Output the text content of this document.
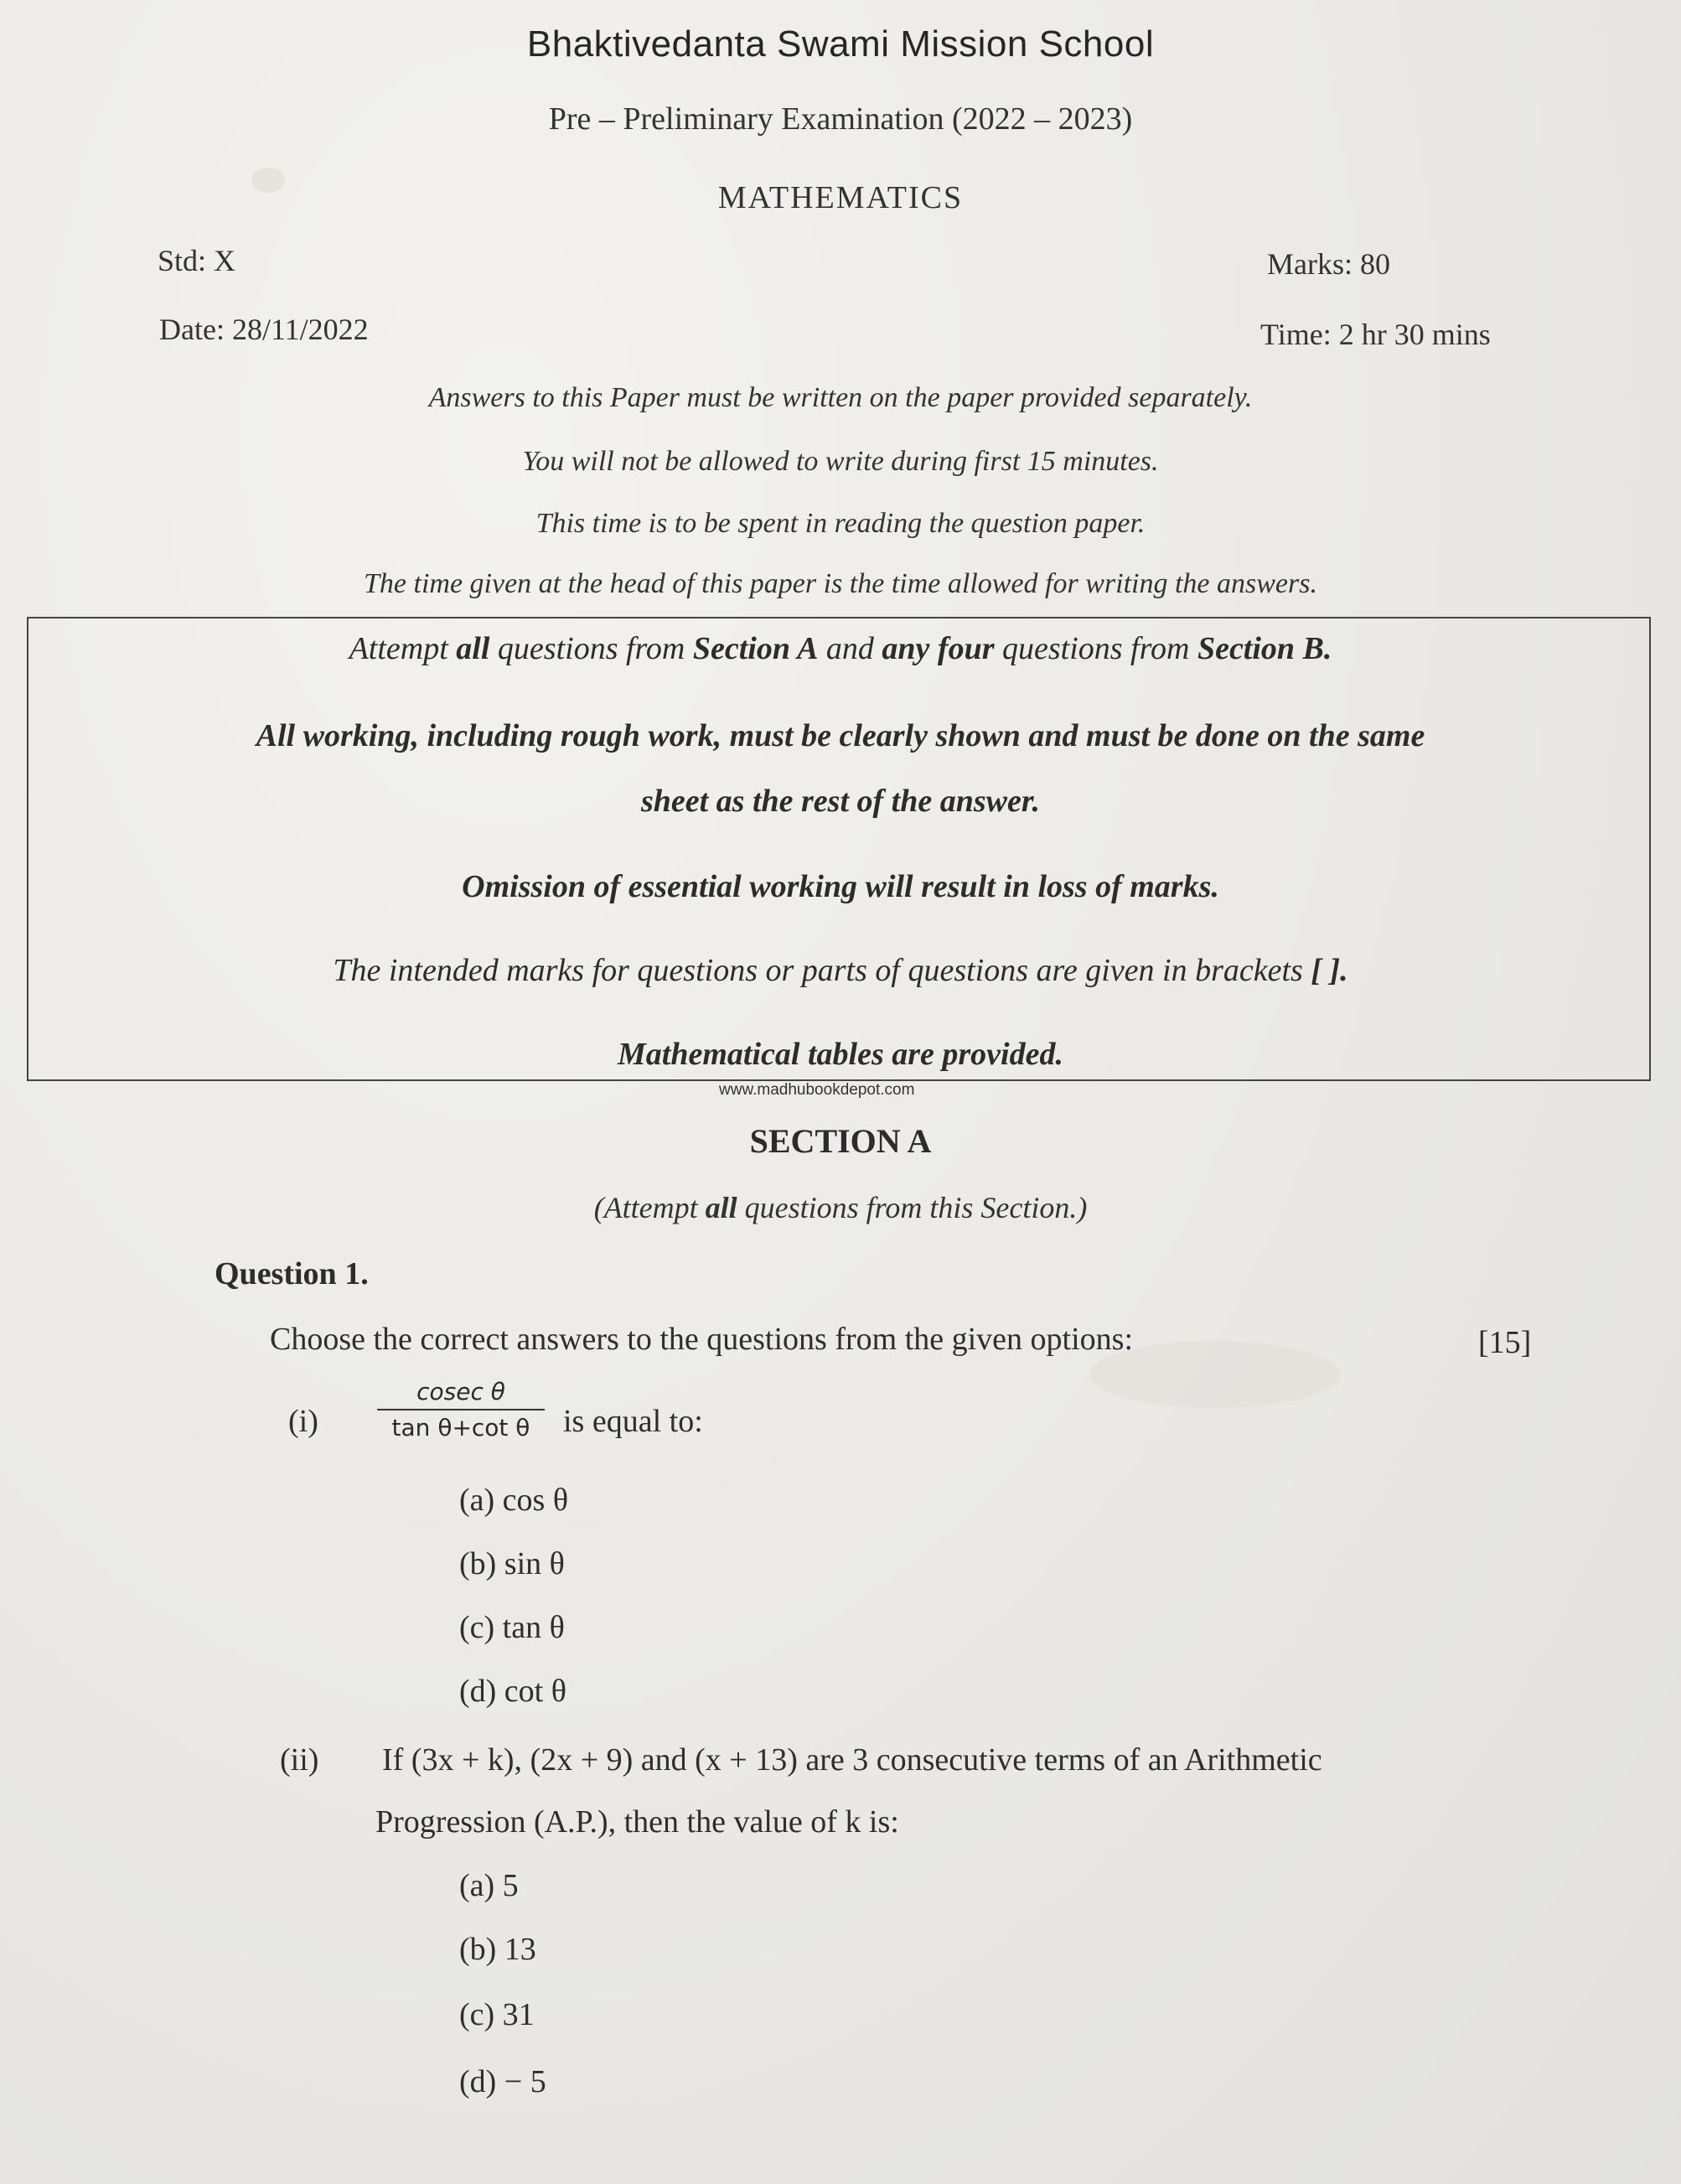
Bhaktivedanta Swami Mission School
Pre – Preliminary Examination (2022 – 2023)
MATHEMATICS
Std: X	Marks: 80
Date: 28/11/2022	Time: 2 hr 30 mins
Answers to this Paper must be written on the paper provided separately.
You will not be allowed to write during first 15 minutes.
This time is to be spent in reading the question paper.
The time given at the head of this paper is the time allowed for writing the answers.
Attempt all questions from Section A and any four questions from Section B.
All working, including rough work, must be clearly shown and must be done on the same
sheet as the rest of the answer.
Omission of essential working will result in loss of marks.
The intended marks for questions or parts of questions are given in brackets [ ].
Mathematical tables are provided.
www.madhubookdepot.com
SECTION A
(Attempt all questions from this Section.)
Question 1.
Choose the correct answers to the questions from the given options:	[15]
(i)
cosec θ
tan θ+cot θ	is equal to:
(a) cos θ
(b) sin θ
(c) tan θ
(d) cot θ
(ii) If (3x + k), (2x + 9) and (x + 13) are 3 consecutive terms of an Arithmetic
Progression (A.P.), then the value of k is:
(a) 5
(b) 13
(c) 31
(d) − 5
